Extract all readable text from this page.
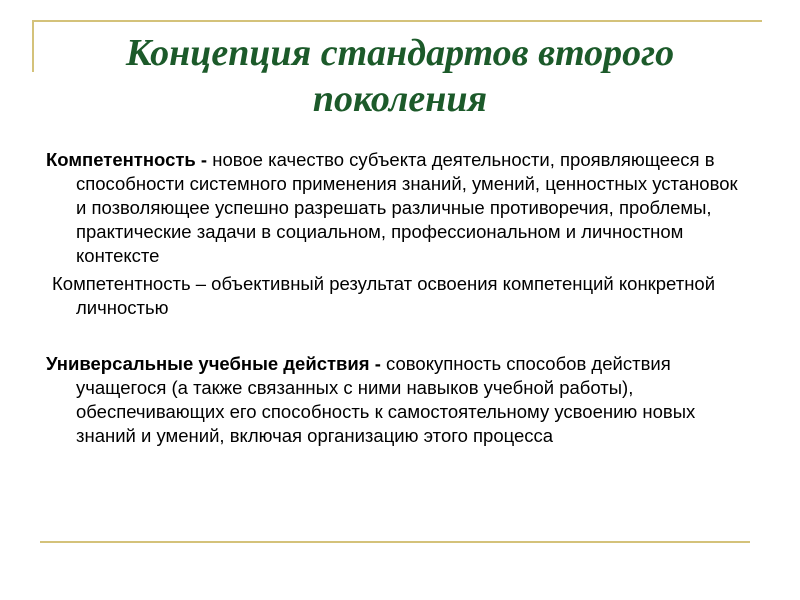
Концепция стандартов второго
поколения

Компетентность - новое качество субъекта деятельности, проявляющееся в способности системного применения знаний, умений, ценностных установок и позволяющее успешно разрешать различные противоречия, проблемы, практические задачи в социальном, профессиональном и личностном контексте

Компетентность – объективный результат освоения компетенций конкретной личностью

Универсальные учебные действия - совокупность способов действия учащегося (а также связанных с ними навыков учебной работы), обеспечивающих его способность к самостоятельному усвоению новых знаний и умений, включая организацию этого процесса
